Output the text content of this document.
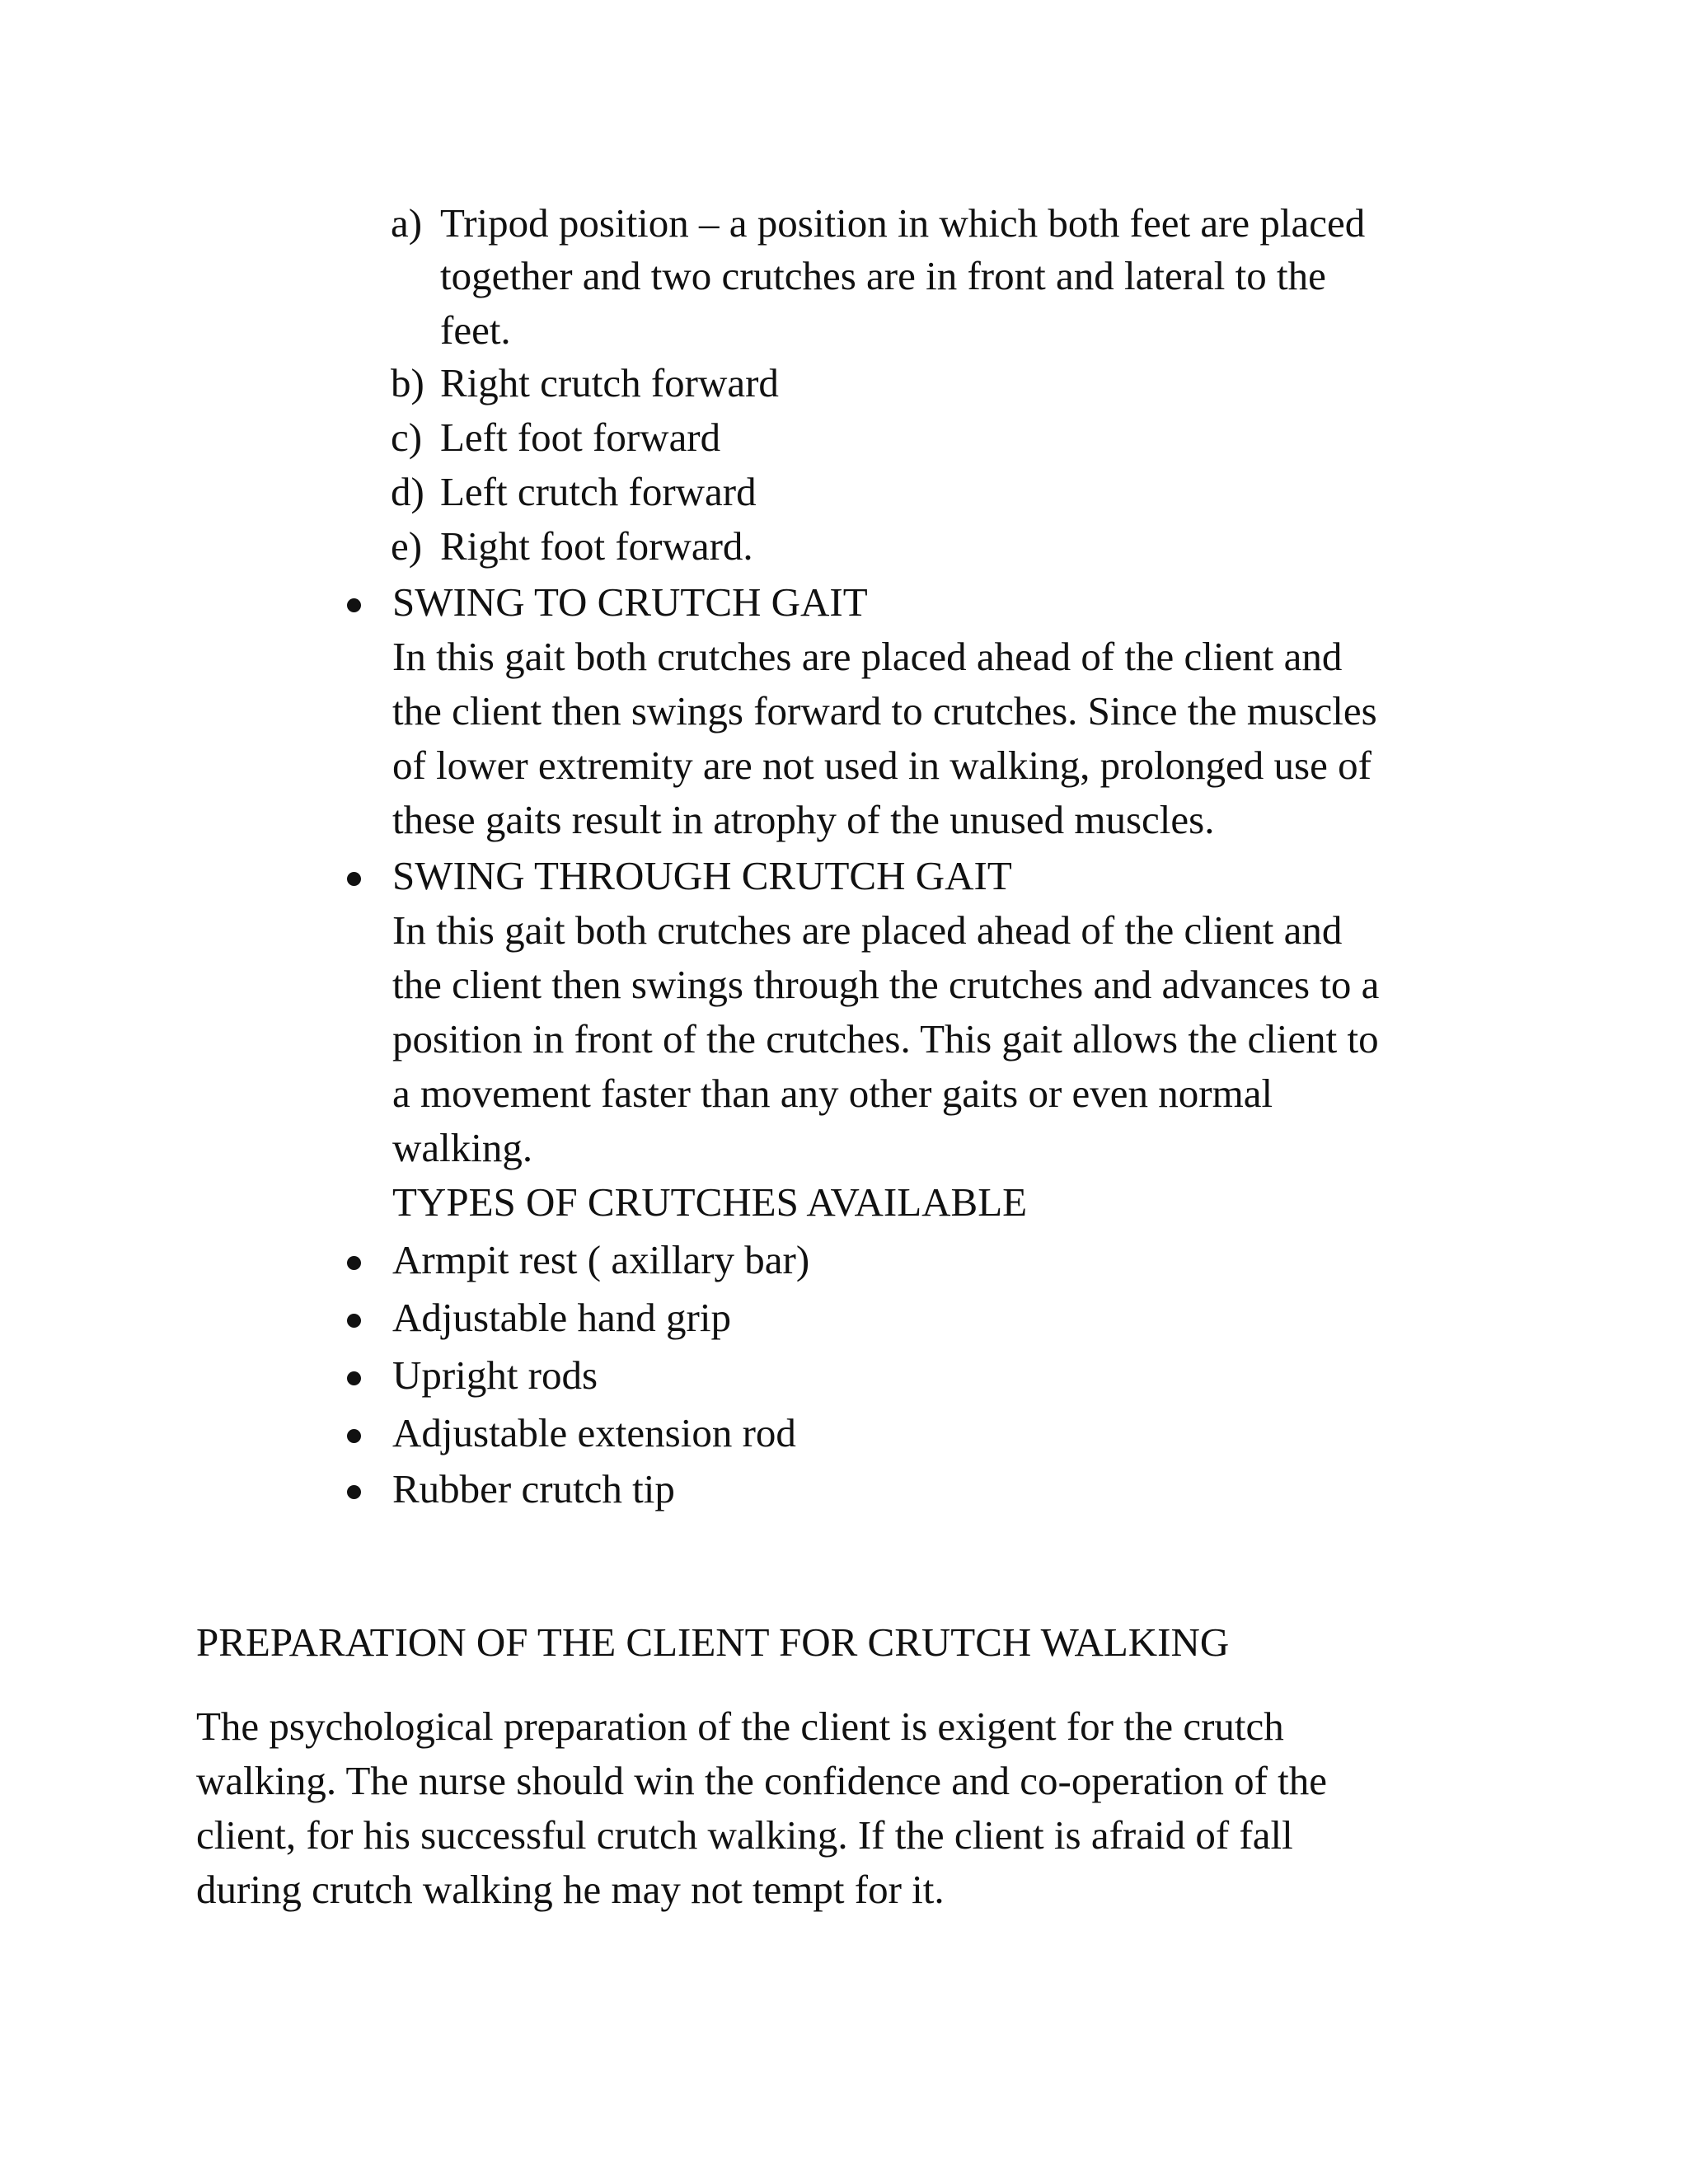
a) Tripod position – a position in which both feet are placed
together and two crutches are in front and lateral to the
feet.
b) Right crutch forward
c) Left foot forward
d) Left crutch forward
e) Right foot forward.
SWING TO CRUTCH GAIT
In this gait both crutches are placed ahead of the client and
the client then swings forward to crutches. Since the muscles
of lower extremity are not used in walking, prolonged use of
these gaits result in atrophy of the unused muscles.
SWING THROUGH CRUTCH GAIT
In this gait both crutches are placed ahead of the client and
the client then swings through the crutches and advances to a
position in front of the crutches. This gait allows the client to
a movement faster than any other gaits or even normal
walking.
TYPES OF CRUTCHES AVAILABLE
Armpit rest ( axillary bar)
Adjustable hand grip
Upright rods
Adjustable extension rod
Rubber crutch tip
PREPARATION OF THE CLIENT FOR CRUTCH WALKING
The psychological preparation of the client is exigent for the crutch
walking. The nurse should win the confidence and co-operation of the
client, for his successful crutch walking. If the client is afraid of fall
during crutch walking he may not tempt for it.
